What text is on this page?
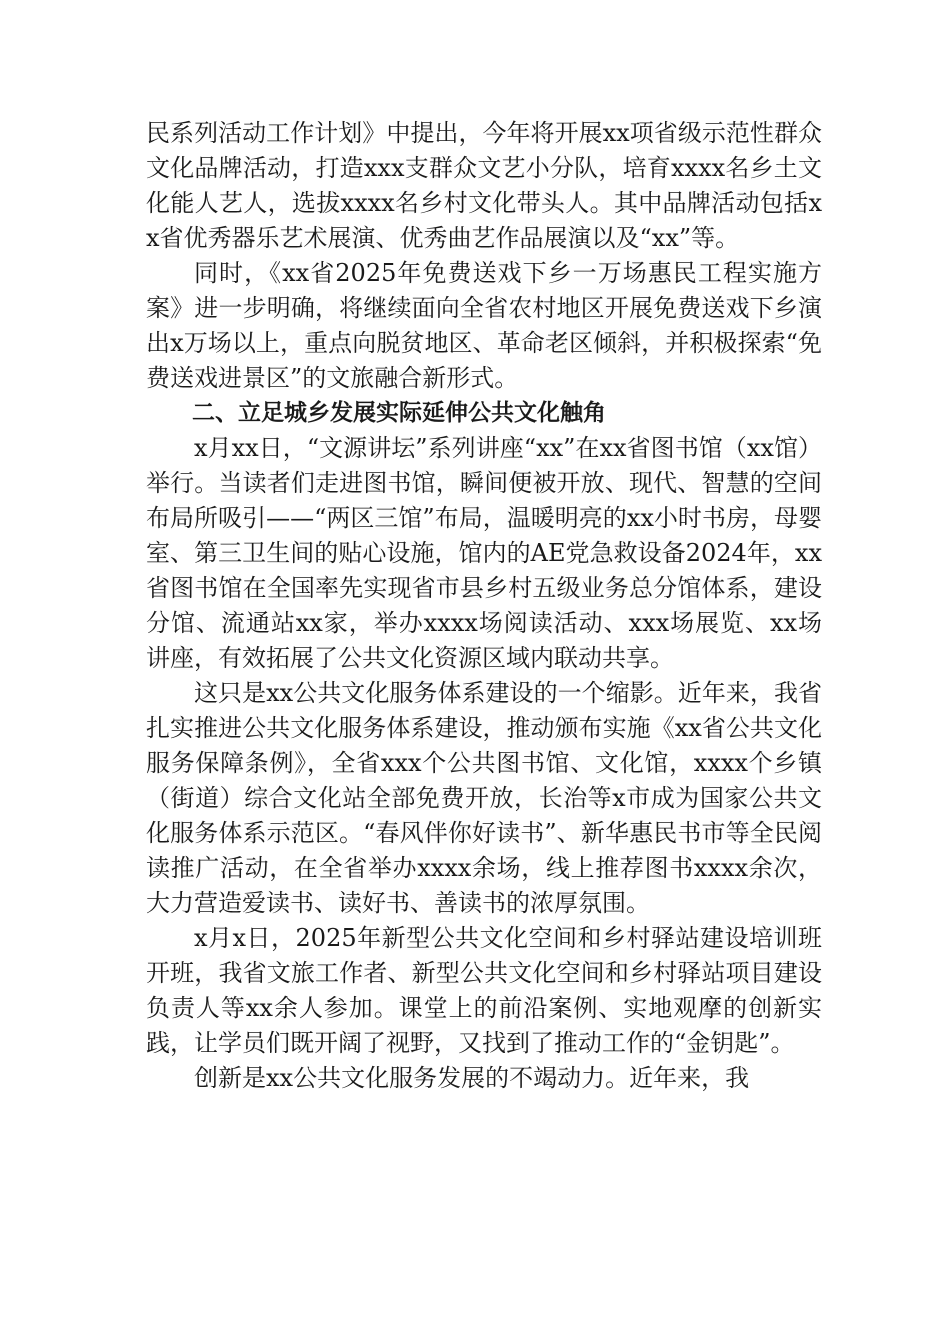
民系列活动工作计划》中提出，今年将开展xx项省级示范性群众文化品牌活动，打造xxx支群众文艺小分队，培育xxxx名乡土文化能人艺人，选拔xxxx名乡村文化带头人。其中品牌活动包括xx省优秀器乐艺术展演、优秀曲艺作品展演以及“xx”等。

同时，《xx省2025年免费送戏下乡一万场惠民工程实施方案》进一步明确，将继续面向全省农村地区开展免费送戏下乡演出x万场以上，重点向脱贫地区、革命老区倾斜，并积极探索“免费送戏进景区”的文旅融合新形式。

二、立足城乡发展实际延伸公共文化触角

x月xx日，“文源讲坛”系列讲座“xx”在xx省图书馆（xx馆）举行。当读者们走进图书馆，瞬间便被开放、现代、智慧的空间布局所吸引——“两区三馆”布局，温暖明亮的xx小时书房，母婴室、第三卫生间的贴心设施，馆内的AE党急救设备2024年，xx省图书馆在全国率先实现省市县乡村五级业务总分馆体系，建设分馆、流通站xx家，举办xxxx场阅读活动、xxx场展览、xx场讲座，有效拓展了公共文化资源区域内联动共享。

这只是xx公共文化服务体系建设的一个缩影。近年来，我省扎实推进公共文化服务体系建设，推动颁布实施《xx省公共文化服务保障条例》，全省xxx个公共图书馆、文化馆，xxxx个乡镇（街道）综合文化站全部免费开放，长治等x市成为国家公共文化服务体系示范区。“春风伴你好读书”、新华惠民书市等全民阅读推广活动，在全省举办xxxx余场，线上推荐图书xxxx余次，大力营造爱读书、读好书、善读书的浓厚氛围。

x月x日，2025年新型公共文化空间和乡村驿站建设培训班开班，我省文旅工作者、新型公共文化空间和乡村驿站项目建设负责人等xx余人参加。课堂上的前沿案例、实地观摩的创新实践，让学员们既开阔了视野，又找到了推动工作的“金钥匙”。

创新是xx公共文化服务发展的不竭动力。近年来，我
